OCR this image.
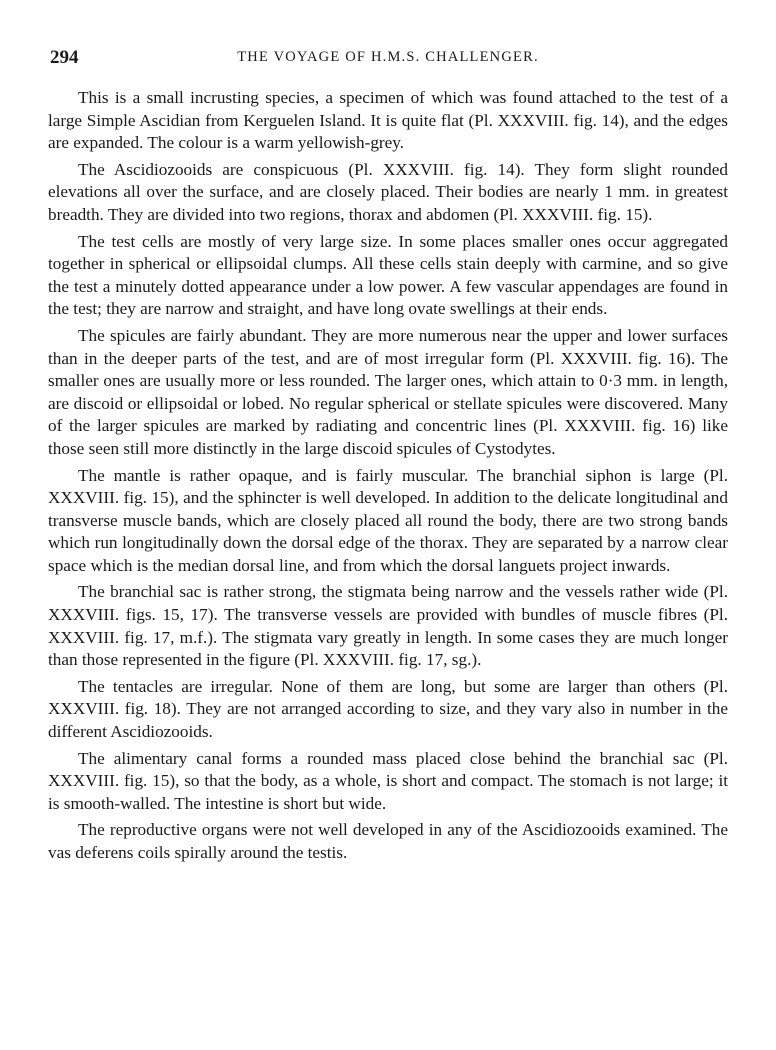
294	THE VOYAGE OF H.M.S. CHALLENGER.

This is a small incrusting species, a specimen of which was found attached to the test of a large Simple Ascidian from Kerguelen Island. It is quite flat (Pl. XXXVIII. fig. 14), and the edges are expanded. The colour is a warm yellowish-grey.

The Ascidiozooids are conspicuous (Pl. XXXVIII. fig. 14). They form slight rounded elevations all over the surface, and are closely placed. Their bodies are nearly 1 mm. in greatest breadth. They are divided into two regions, thorax and abdomen (Pl. XXXVIII. fig. 15).

The test cells are mostly of very large size. In some places smaller ones occur aggregated together in spherical or ellipsoidal clumps. All these cells stain deeply with carmine, and so give the test a minutely dotted appearance under a low power. A few vascular appendages are found in the test; they are narrow and straight, and have long ovate swellings at their ends.

The spicules are fairly abundant. They are more numerous near the upper and lower surfaces than in the deeper parts of the test, and are of most irregular form (Pl. XXXVIII. fig. 16). The smaller ones are usually more or less rounded. The larger ones, which attain to 0·3 mm. in length, are discoid or ellipsoidal or lobed. No regular spherical or stellate spicules were discovered. Many of the larger spicules are marked by radiating and concentric lines (Pl. XXXVIII. fig. 16) like those seen still more distinctly in the large discoid spicules of Cystodytes.

The mantle is rather opaque, and is fairly muscular. The branchial siphon is large (Pl. XXXVIII. fig. 15), and the sphincter is well developed. In addition to the delicate longitudinal and transverse muscle bands, which are closely placed all round the body, there are two strong bands which run longitudinally down the dorsal edge of the thorax. They are separated by a narrow clear space which is the median dorsal line, and from which the dorsal languets project inwards.

The branchial sac is rather strong, the stigmata being narrow and the vessels rather wide (Pl. XXXVIII. figs. 15, 17). The transverse vessels are provided with bundles of muscle fibres (Pl. XXXVIII. fig. 17, m.f.). The stigmata vary greatly in length. In some cases they are much longer than those represented in the figure (Pl. XXXVIII. fig. 17, sg.).

The tentacles are irregular. None of them are long, but some are larger than others (Pl. XXXVIII. fig. 18). They are not arranged according to size, and they vary also in number in the different Ascidiozooids.

The alimentary canal forms a rounded mass placed close behind the branchial sac (Pl. XXXVIII. fig. 15), so that the body, as a whole, is short and compact. The stomach is not large; it is smooth-walled. The intestine is short but wide.

The reproductive organs were not well developed in any of the Ascidiozooids examined. The vas deferens coils spirally around the testis.
